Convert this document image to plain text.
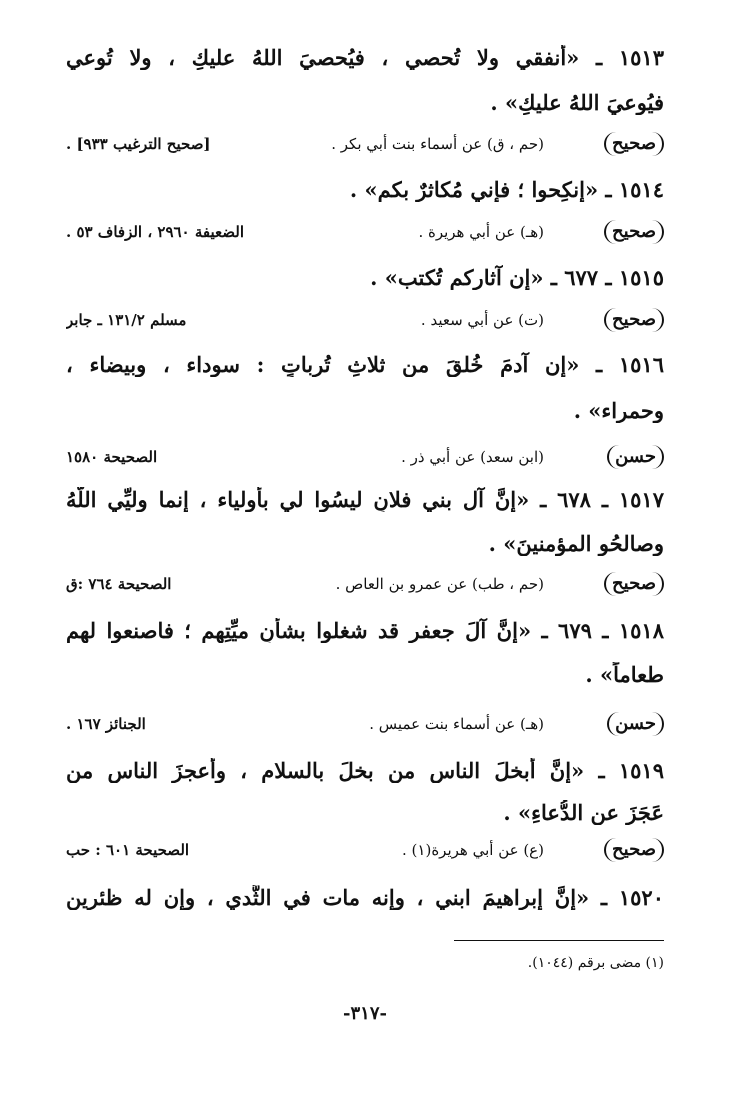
١٥١٣ ـ «أنفقي ولا تُحصي ، فيُحصيَ اللهُ عليكِ ، ولا تُوعي
فيُوعيَ اللهُ عليكِ» .
صحيح
(حم ، ق) عن أسماء بنت أبي بكر .
[صحيح الترغيب ٩٣٣] .
١٥١٤ ـ «إنكِحوا ؛ فإني مُكاثرٌ بكم» .
صحيح
(هـ) عن أبي هريرة .
الضعيفة ٢٩٦٠ ، الزفاف ٥٣ .
١٥١٥ ـ ٦٧٧ ـ «إن آثاركم تُكتب» .
صحيح
(ت) عن أبي سعيد .
مسلم ١٣١/٢ ـ جابر
١٥١٦ ـ «إن آدمَ خُلقَ من ثلاثِ تُرباتٍ : سوداء ، وبيضاء ،
وحمراء» .
حسن
(ابن سعد) عن أبي ذر .
الصحيحة ١٥٨٠
١٥١٧ ـ ٦٧٨ ـ «إنَّ آل بني فلانٍ ليسُوا لي بأولياء ، إنما وليِّي اللّهُ
وصالحُو المؤمنينَ» .
صحيح
(حم ، طب) عن عمرو بن العاص .
الصحيحة ٧٦٤ :ق
١٥١٨ ـ ٦٧٩ ـ «إنَّ آلَ جعفر قد شغلوا بشأنِ ميِّتِهم ؛ فاصنعوا لهم
طعاماً» .
حسن
(هـ) عن أسماء بنت عميس .
الجنائز ١٦٧ .
١٥١٩ ـ «إنَّ أبخلَ الناسِ من بخلَ بالسلامِ ، وأعجزَ الناسِ من
عَجَزَ عنِ الدُّعاءِ» .
صحيح
(ع) عن أبي هريرة(١) .
الصحيحة ٦٠١ : حب
١٥٢٠ ـ «إنَّ إبراهيمَ ابني ، وإنه مات في الثَّدي ، وإن له ظئرينِ
(١) مضى برقم (١٠٤٤).
-٣١٧-
